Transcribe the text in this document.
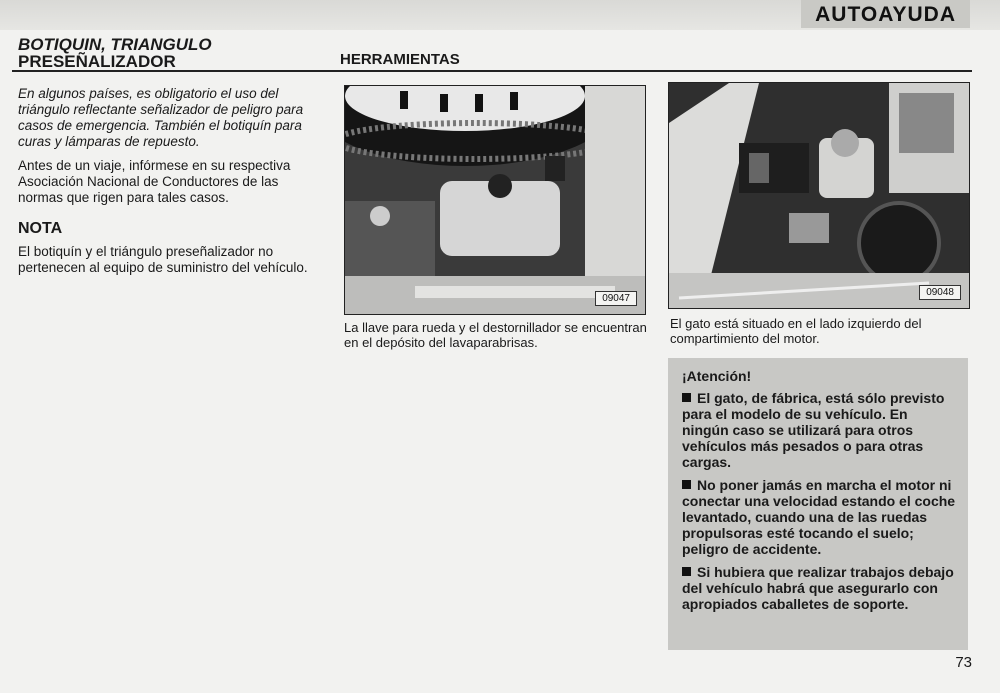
AUTOAYUDA
BOTIQUIN, TRIANGULO
PRESEÑALIZADOR

En algunos países, es obligatorio el uso del triángulo reflectante señalizador de peligro para casos de emergencia. También el botiquín para curas y lámparas de repuesto.

Antes de un viaje, infórmese en su respectiva Asociación Nacional de Conductores de las normas que rigen para tales casos.

NOTA

El botiquín y el triángulo preseñalizador no pertenecen al equipo de suministro del vehículo.

HERRAMIENTAS
09047
La llave para rueda y el destornillador se encuentran en el depósito del lavaparabrisas.
09048
El gato está situado en el lado izquierdo del compartimiento del motor.
¡Atención!

El gato, de fábrica, está sólo previsto para el modelo de su vehículo. En ningún caso se utilizará para otros vehículos más pesados o para otras cargas.

No poner jamás en marcha el motor ni conectar una velocidad estando el coche levantado, cuando una de las ruedas propulsoras esté tocando el suelo; peligro de accidente.

Si hubiera que realizar trabajos debajo del vehículo habrá que asegurarlo con apropiados caballetes de soporte.

73
